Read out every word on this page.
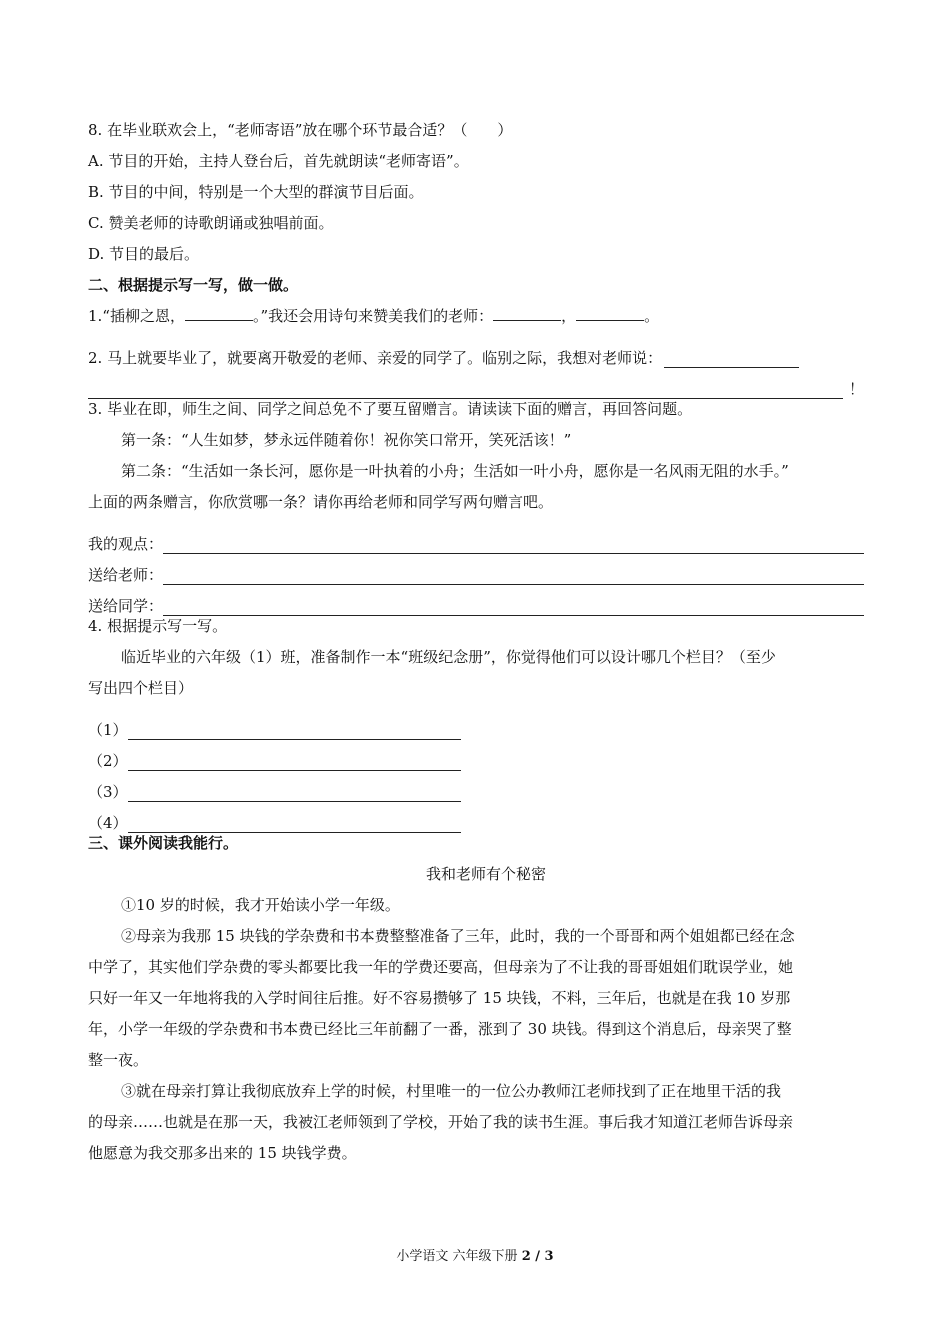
8. 在毕业联欢会上，“老师寄语”放在哪个环节最合适？（　　）
A. 节目的开始，主持人登台后，首先就朗读“老师寄语”。
B. 节目的中间，特别是一个大型的群演节目后面。
C. 赞美老师的诗歌朗诵或独唱前面。
D. 节目的最后。
二、根据提示写一写，做一做。
1.“插柳之恩，	。”我还会用诗句来赞美我们的老师：	，	。
2. 马上就要毕业了，就要离开敬爱的老师、亲爱的同学了。临别之际，我想对老师说：
！
3. 毕业在即，师生之间、同学之间总免不了要互留赠言。请读读下面的赠言，再回答问题。
第一条：“人生如梦，梦永远伴随着你！祝你笑口常开，笑死活该！”
第二条：“生活如一条长河，愿你是一叶执着的小舟；生活如一叶小舟，愿你是一名风雨无阻的水手。”
上面的两条赠言，你欣赏哪一条？请你再给老师和同学写两句赠言吧。
我的观点：
送给老师：
送给同学：
4. 根据提示写一写。
临近毕业的六年级（1）班，准备制作一本“班级纪念册”，你觉得他们可以设计哪几个栏目？（至少
写出四个栏目）
（1）
（2）
（3）
（4）
三、课外阅读我能行。
我和老师有个秘密
①10 岁的时候，我才开始读小学一年级。
②母亲为我那 15 块钱的学杂费和书本费整整准备了三年，此时，我的一个哥哥和两个姐姐都已经在念
中学了，其实他们学杂费的零头都要比我一年的学费还要高，但母亲为了不让我的哥哥姐姐们耽误学业，她
只好一年又一年地将我的入学时间往后推。好不容易攒够了 15 块钱，不料，三年后，也就是在我 10 岁那
年，小学一年级的学杂费和书本费已经比三年前翻了一番，涨到了 30 块钱。得到这个消息后，母亲哭了整
整一夜。
③就在母亲打算让我彻底放弃上学的时候，村里唯一的一位公办教师江老师找到了正在地里干活的我
的母亲……也就是在那一天，我被江老师领到了学校，开始了我的读书生涯。事后我才知道江老师告诉母亲
他愿意为我交那多出来的 15 块钱学费。
小学语文 六年级下册 2 / 3
